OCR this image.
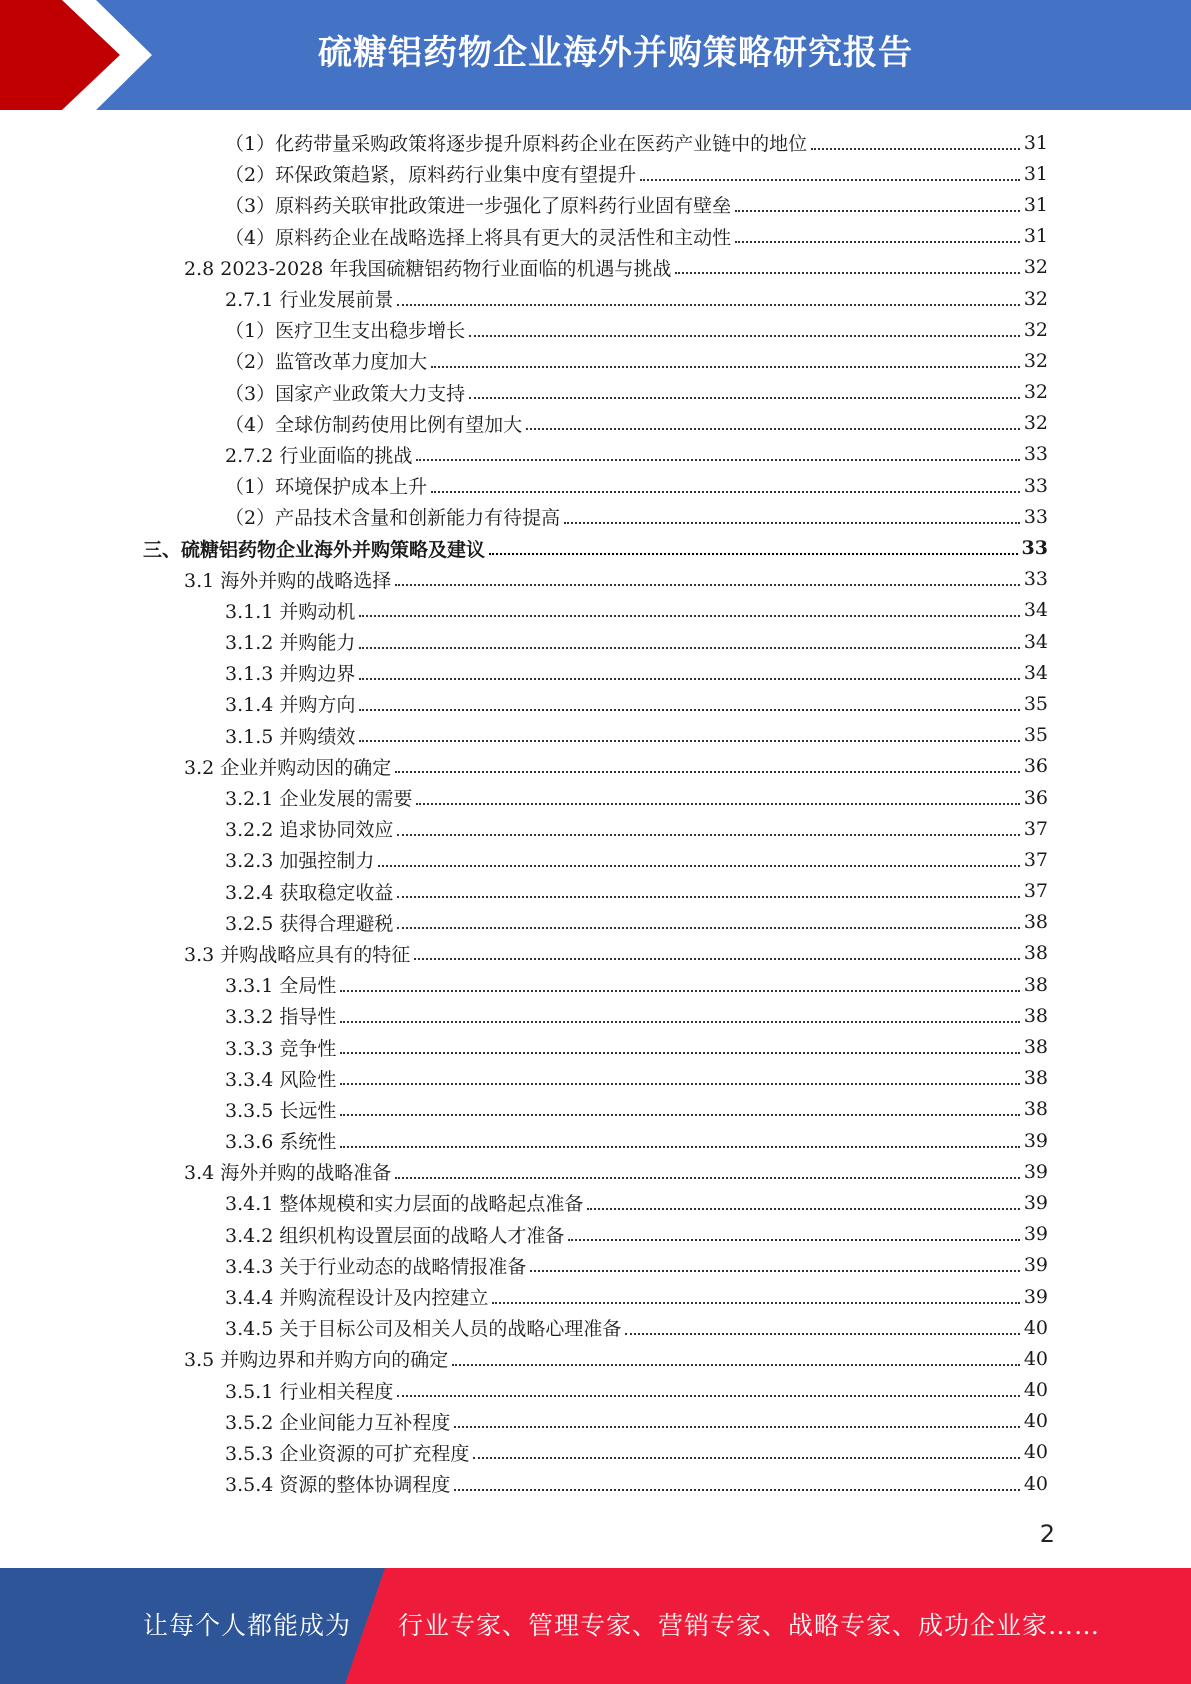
硫糖铝药物企业海外并购策略研究报告
（1）化药带量采购政策将逐步提升原料药企业在医药产业链中的地位	31
（2）环保政策趋紧，原料药行业集中度有望提升	31
（3）原料药关联审批政策进一步强化了原料药行业固有壁垒	31
（4）原料药企业在战略选择上将具有更大的灵活性和主动性	31
2.8 2023-2028 年我国硫糖铝药物行业面临的机遇与挑战	32
2.7.1 行业发展前景	32
（1）医疗卫生支出稳步增长	32
（2）监管改革力度加大	32
（3）国家产业政策大力支持	32
（4）全球仿制药使用比例有望加大	32
2.7.2 行业面临的挑战	33
（1）环境保护成本上升	33
（2）产品技术含量和创新能力有待提高	33
三、硫糖铝药物企业海外并购策略及建议	33
3.1 海外并购的战略选择	33
3.1.1 并购动机	34
3.1.2 并购能力	34
3.1.3 并购边界	34
3.1.4 并购方向	35
3.1.5 并购绩效	35
3.2 企业并购动因的确定	36
3.2.1 企业发展的需要	36
3.2.2 追求协同效应	37
3.2.3 加强控制力	37
3.2.4 获取稳定收益	37
3.2.5 获得合理避税	38
3.3 并购战略应具有的特征	38
3.3.1 全局性	38
3.3.2 指导性	38
3.3.3 竞争性	38
3.3.4 风险性	38
3.3.5 长远性	38
3.3.6 系统性	39
3.4 海外并购的战略准备	39
3.4.1 整体规模和实力层面的战略起点准备	39
3.4.2 组织机构设置层面的战略人才准备	39
3.4.3 关于行业动态的战略情报准备	39
3.4.4 并购流程设计及内控建立	39
3.4.5 关于目标公司及相关人员的战略心理准备	40
3.5 并购边界和并购方向的确定	40
3.5.1 行业相关程度	40
3.5.2 企业间能力互补程度	40
3.5.3 企业资源的可扩充程度	40
3.5.4 资源的整体协调程度	40
2
让每个人都能成为 行业专家、管理专家、营销专家、战略专家、成功企业家……
